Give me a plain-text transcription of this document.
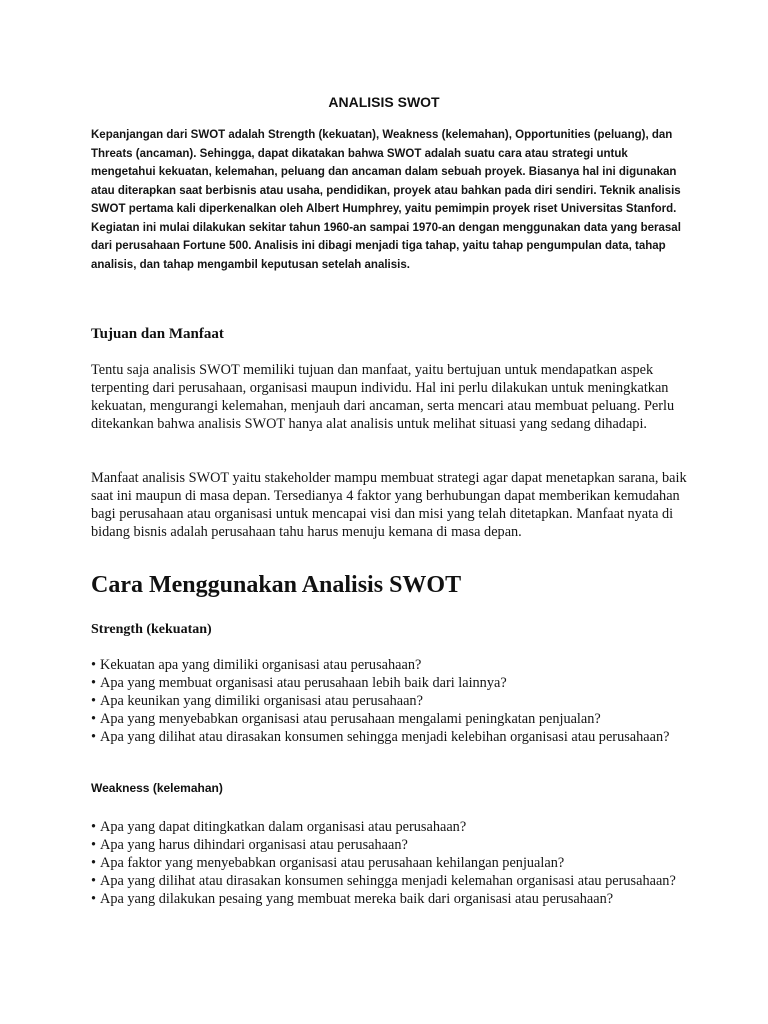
ANALISIS SWOT

Kepanjangan dari SWOT adalah Strength (kekuatan), Weakness (kelemahan), Opportunities (peluang), dan Threats (ancaman). Sehingga, dapat dikatakan bahwa SWOT adalah suatu cara atau strategi untuk mengetahui kekuatan, kelemahan, peluang dan ancaman dalam sebuah proyek. Biasanya hal ini digunakan atau diterapkan saat berbisnis atau usaha, pendidikan, proyek atau bahkan pada diri sendiri. Teknik analisis SWOT pertama kali diperkenalkan oleh Albert Humphrey, yaitu pemimpin proyek riset Universitas Stanford. Kegiatan ini mulai dilakukan sekitar tahun 1960-an sampai 1970-an dengan menggunakan data yang berasal dari perusahaan Fortune 500. Analisis ini dibagi menjadi tiga tahap, yaitu tahap pengumpulan data, tahap analisis, dan tahap mengambil keputusan setelah analisis.

Tujuan dan Manfaat

Tentu saja analisis SWOT memiliki tujuan dan manfaat, yaitu bertujuan untuk mendapatkan aspek terpenting dari perusahaan, organisasi maupun individu. Hal ini perlu dilakukan untuk meningkatkan kekuatan, mengurangi kelemahan, menjauh dari ancaman, serta mencari atau membuat peluang. Perlu ditekankan bahwa analisis SWOT hanya alat analisis untuk melihat situasi yang sedang dihadapi.

Manfaat analisis SWOT yaitu stakeholder mampu membuat strategi agar dapat menetapkan sarana, baik saat ini maupun di masa depan. Tersedianya 4 faktor yang berhubungan dapat memberikan kemudahan bagi perusahaan atau organisasi untuk mencapai visi dan misi yang telah ditetapkan. Manfaat nyata di bidang bisnis adalah perusahaan tahu harus menuju kemana di masa depan.

Cara Menggunakan Analisis SWOT
Strength (kekuatan)
• Kekuatan apa yang dimiliki organisasi atau perusahaan?
• Apa yang membuat organisasi atau perusahaan lebih baik dari lainnya?
• Apa keunikan yang dimiliki organisasi atau perusahaan?
• Apa yang menyebabkan organisasi atau perusahaan mengalami peningkatan penjualan?
• Apa yang dilihat atau dirasakan konsumen sehingga menjadi kelebihan organisasi atau perusahaan?
Weakness (kelemahan)
• Apa yang dapat ditingkatkan dalam organisasi atau perusahaan?
• Apa yang harus dihindari organisasi atau perusahaan?
• Apa faktor yang menyebabkan organisasi atau perusahaan kehilangan penjualan?
• Apa yang dilihat atau dirasakan konsumen sehingga menjadi kelemahan organisasi atau perusahaan?
• Apa yang dilakukan pesaing yang membuat mereka baik dari organisasi atau perusahaan?
